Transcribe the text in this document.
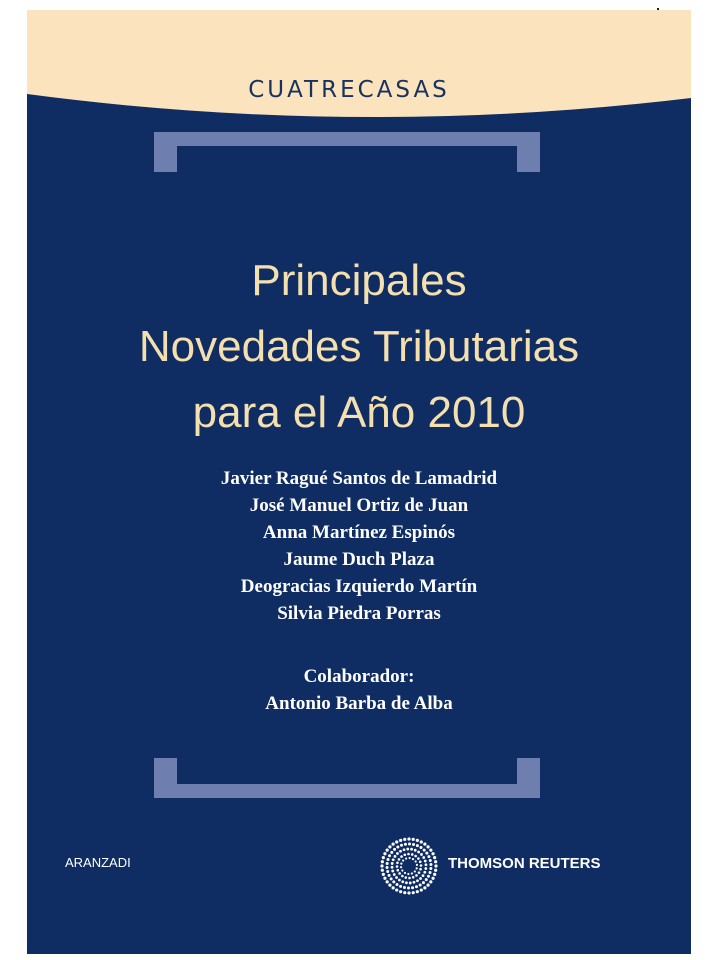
CUATRECASAS
Principales
Novedades Tributarias
para el Año 2010
Javier Ragué Santos de Lamadrid
José Manuel Ortiz de Juan
Anna Martínez Espinós
Jaume Duch Plaza
Deogracias Izquierdo Martín
Silvia Piedra Porras
Colaborador:
Antonio Barba de Alba
ARANZADI	THOMSON REUTERS
